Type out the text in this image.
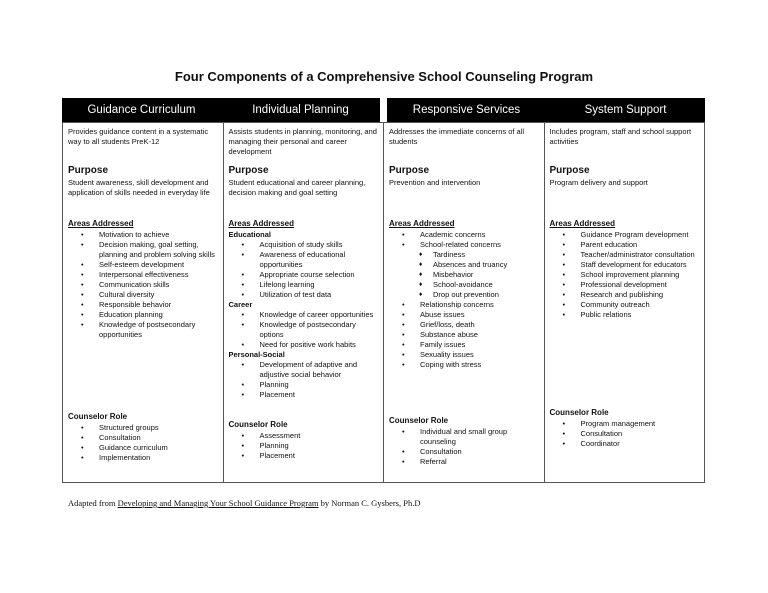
Four Components of a Comprehensive School Counseling Program
Guidance Curriculum	Individual Planning	Responsive Services	System Support
Provides guidance content in a systematic way to all students PreK-12
Purpose
Student awareness, skill development and application of skills needed in everyday life
Areas Addressed
•	Motivation to achieve
•	Decision making, goal setting, planning and problem solving skills
•	Self-esteem development
•	Interpersonal effectiveness
•	Communication skills
•	Cultural diversity
•	Responsible behavior
•	Education planning
•	Knowledge of postsecondary opportunities
Counselor Role
•	Structured groups
•	Consultation
•	Guidance curriculum
•	Implementation
Assists students in planning, monitoring, and managing their personal and career development
Purpose
Student educational and career planning, decision making and goal setting
Areas Addressed
Educational
•	Acquisition of study skills
•	Awareness of educational opportunities
•	Appropriate course selection
•	Lifelong learning
•	Utilization of test data
Career
•	Knowledge of career opportunities
•	Knowledge of postsecondary options
•	Need for positive work habits
Personal-Social
•	Development of adaptive and adjustive social behavior
•	Planning
•	Placement
Counselor Role
•	Assessment
•	Planning
•	Placement
Addresses the immediate concerns of all students
Purpose
Prevention and intervention
Areas Addressed
•	Academic concerns
•	School-related concerns
♦	Tardiness
♦	Absences and truancy
♦	Misbehavior
♦	School-avoidance
♦	Drop out prevention
•	Relationship concerns
•	Abuse issues
•	Grief/loss, death
•	Substance abuse
•	Family issues
•	Sexuality issues
•	Coping with stress
Counselor Role
•	Individual and small group counseling
•	Consultation
•	Referral
Includes program, staff and school support activities
Purpose
Program delivery and support
Areas Addressed
•	Guidance Program development
•	Parent education
•	Teacher/administrator consultation
•	Staff development for educators
•	School improvement planning
•	Professional development
•	Research and publishing
•	Community outreach
•	Public relations
Counselor Role
•	Program management
•	Consultation
•	Coordinator

Adapted from Developing and Managing Your School Guidance Program by Norman C. Gysbers, Ph.D
